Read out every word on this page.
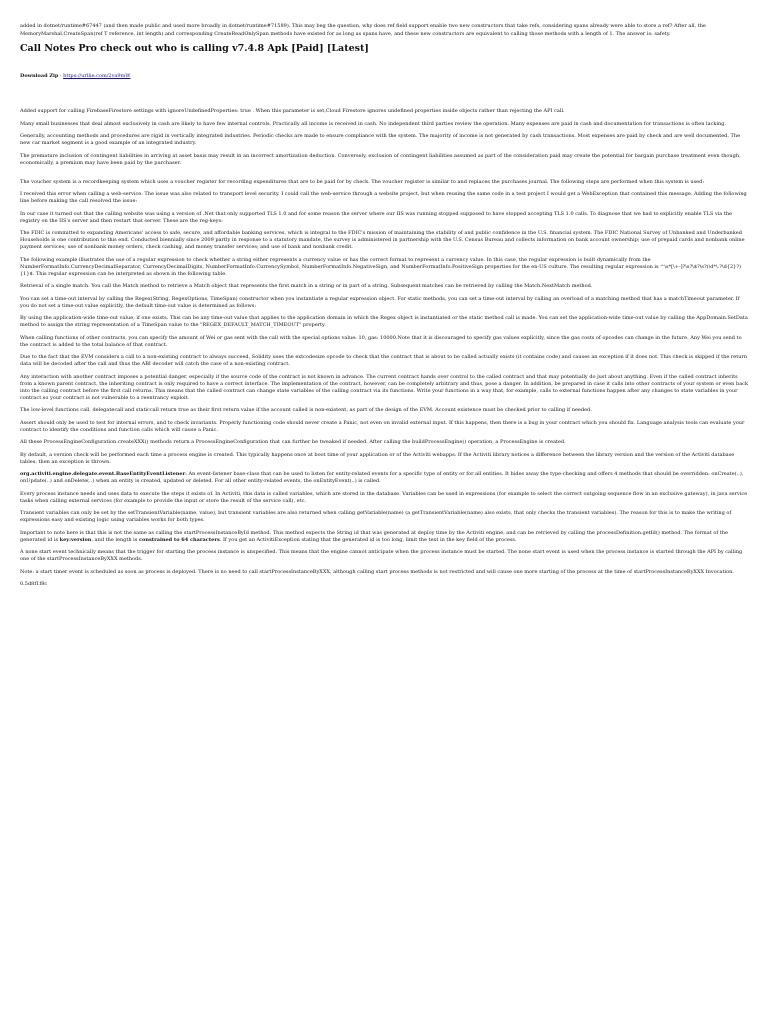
added in dotnet/runtime#67447 (and then made public and used more broadly in dotnet/runtime#71589). This may beg the question, why does ref field support enable two new constructors that take refs, considering spans already were able to store a ref? After all, the MemoryMarshal.CreateSpan(ref T reference, int length) and corresponding CreateReadOnlySpan methods have existed for as long as spans have, and these new constructors are equivalent to calling those methods with a length of 1. The answer is: safety.

Call Notes Pro check out who is calling v7.4.8 Apk [Paid] [Latest]

Download Zip · https://urllie.com/2va9mW

Added support for calling FirebaseFirestore settings with ignoreUndefinedProperties: true . When this parameter is set,Cloud Firestore ignores undefined properties inside objects rather than rejecting the API call.

Many small businesses that deal almost exclusively in cash are likely to have few internal controls. Practically all income is received in cash. No independent third parties review the operation. Many expenses are paid in cash and documentation for transactions is often lacking.

Generally, accounting methods and procedures are rigid in vertically integrated industries. Periodic checks are made to ensure compliance with the system. The majority of income is not generated by cash transactions. Most expenses are paid by check and are well documented. The new car market segment is a good example of an integrated industry.

The premature inclusion of contingent liabilities in arriving at asset basis may result in an incorrect amortization deduction. Conversely, exclusion of contingent liabilities assumed as part of the consideration paid may create the potential for bargain purchase treatment even though, economically, a premium may have been paid by the purchaser.

The voucher system is a recordkeeping system which uses a voucher register for recording expenditures that are to be paid for by check. The voucher register is similar to and replaces the purchases journal. The following steps are performed when this system is used:

I received this error when calling a web-service. The issue was also related to transport level security. I could call the web-service through a website project, but when reusing the same code in a test project I would get a WebException that contained this message. Adding the following line before making the call resolved the issue:

In our case it turned out that the calling website was using a version of .Net that only supported TLS 1.0 and for some reason the server where our IIS was running stopped supposed to have stopped accepting TLS 1.0 calls. To diagnose that we had to explicitly enable TLS via the registry on the IIS's server and then restart that server. These are the reg-keys:

The FDIC is committed to expanding Americans' access to safe, secure, and affordable banking services, which is integral to the FDIC's mission of maintaining the stability of and public confidence in the U.S. financial system. The FDIC National Survey of Unbanked and Underbanked Households is one contribution to this end. Conducted biennially since 2009 partly in response to a statutory mandate, the survey is administered in partnership with the U.S. Census Bureau and collects information on bank account ownership; use of prepaid cards and nonbank online payment services; use of nonbank money orders, check cashing, and money transfer services; and use of bank and nonbank credit.

The following example illustrates the use of a regular expression to check whether a string either represents a currency value or has the correct format to represent a currency value. In this case, the regular expression is built dynamically from the NumberFormatInfo.CurrencyDecimalSeparator, CurrencyDecimalDigits, NumberFormatInfo.CurrencySymbol, NumberFormatInfo.NegativeSign, and NumberFormatInfo.PositiveSign properties for the en-US culture. The resulting regular expression is ^\s*[\+-]?\s?\$?\s?(\d*\.?\d{2}?){1}$. This regular expression can be interpreted as shown in the following table.

Retrieval of a single match. You call the Match method to retrieve a Match object that represents the first match in a string or in part of a string. Subsequent matches can be retrieved by calling the Match.NextMatch method.

You can set a time-out interval by calling the Regex(String, RegexOptions, TimeSpan) constructor when you instantiate a regular expression object. For static methods, you can set a time-out interval by calling an overload of a matching method that has a matchTimeout parameter. If you do not set a time-out value explicitly, the default time-out value is determined as follows:

By using the application-wide time-out value, if one exists. This can be any time-out value that applies to the application domain in which the Regex object is instantiated or the static method call is made. You can set the application-wide time-out value by calling the AppDomain.SetData method to assign the string representation of a TimeSpan value to the "REGEX_DEFAULT_MATCH_TIMEOUT" property.

When calling functions of other contracts, you can specify the amount of Wei or gas sent with the call with the special options value: 10, gas: 10000.Note that it is discouraged to specify gas values explicitly, since the gas costs of opcodes can change in the future. Any Wei you send to the contract is added to the total balance of that contract.

Due to the fact that the EVM considers a call to a non-existing contract to always succeed, Solidity uses the extcodesize opcode to check that the contract that is about to be called actually exists (it contains code) and causes an exception if it does not. This check is skipped if the return data will be decoded after the call and thus the ABI decoder will catch the case of a non-existing contract.

Any interaction with another contract imposes a potential danger, especially if the source code of the contract is not known in advance. The current contract hands over control to the called contract and that may potentially do just about anything. Even if the called contract inherits from a known parent contract, the inheriting contract is only required to have a correct interface. The implementation of the contract, however, can be completely arbitrary and thus, pose a danger. In addition, be prepared in case it calls into other contracts of your system or even back into the calling contract before the first call returns. This means that the called contract can change state variables of the calling contract via its functions. Write your functions in a way that, for example, calls to external functions happen after any changes to state variables in your contract so your contract is not vulnerable to a reentrancy exploit.

The low-level functions call, delegatecall and staticcall return true as their first return value if the account called is non-existent, as part of the design of the EVM. Account existence must be checked prior to calling if needed.

Assert should only be used to test for internal errors, and to check invariants. Properly functioning code should never create a Panic, not even on invalid external input. If this happens, then there is a bug in your contract which you should fix. Language analysis tools can evaluate your contract to identify the conditions and function calls which will cause a Panic.

All these ProcessEngineConfiguration.createXXX() methods return a ProcessEngineConfiguration that can further be tweaked if needed. After calling the buildProcessEngine() operation, a ProcessEngine is created.

By default, a version check will be performed each time a process engine is created. This typically happens once at boot time of your application or of the Activiti webapps. If the Activiti library notices a difference between the library version and the version of the Activiti database tables, then an exception is thrown.

org.activiti.engine.delegate.event.BaseEntityEventListener: An event-listener base-class that can be used to listen for entity-related events for a specific type of entity or for all entities. It hides away the type-checking and offers 4 methods that should be overridden: onCreate(..), onUpdate(..) and onDelete(..) when an entity is created, updated or deleted. For all other entity-related events, the onEntityEvent(..) is called.

Every process instance needs and uses data to execute the steps it exists of. In Activiti, this data is called variables, which are stored in the database. Variables can be used in expressions (for example to select the correct outgoing sequence flow in an exclusive gateway), in java service tasks when calling external services (for example to provide the input or store the result of the service call), etc.

Transient variables can only be set by the setTransientVariable(name, value), but transient variables are also returned when calling getVariable(name) (a getTransientVariable(name) also exists, that only checks the transient variables). The reason for this is to make the writing of expressions easy and existing logic using variables works for both types.

Important to note here is that this is not the same as calling the startProcessInstanceById method. This method expects the String id that was generated at deploy time by the Activiti engine, and can be retrieved by calling the processDefinition.getId() method. The format of the generated id is key:version, and the length is constrained to 64 characters. If you get an ActivitiException stating that the generated id is too long, limit the text in the key field of the process.

A none start event technically means that the trigger for starting the process instance is unspecified. This means that the engine cannot anticipate when the process instance must be started. The none start event is used when the process instance is started through the API by calling one of the startProcessInstanceByXXX methods.

Note: a start timer event is scheduled as soon as process is deployed. There is no need to call startProcessInstanceByXXX, although calling start process methods is not restricted and will cause one more starting of the process at the time of startProcessInstanceByXXX Invocation.

0.5d8f1f8c
